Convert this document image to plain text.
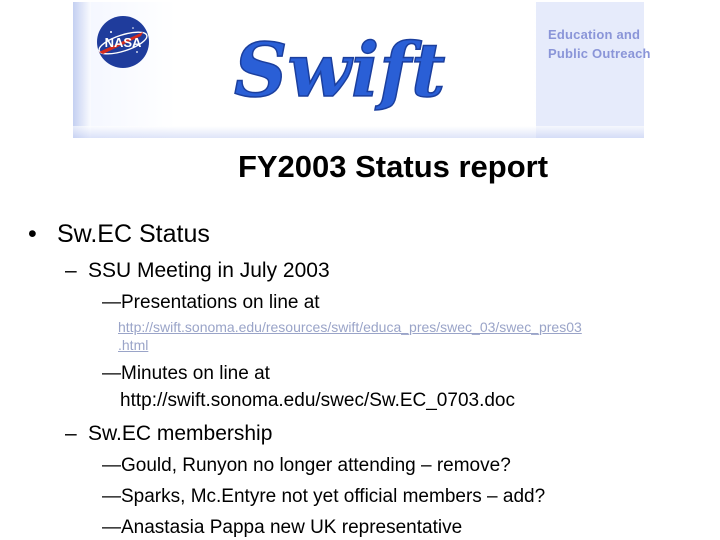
NASA Swift	Education and
Public Outreach
FY2003 Status report
• Sw.EC Status
– SSU Meeting in July 2003
—Presentations on line at
http://swift.sonoma.edu/resources/swift/educa_pres/swec_03/swec_pres03
.html
—Minutes on line at
http://swift.sonoma.edu/swec/Sw.EC_0703.doc
– Sw.EC membership
—Gould, Runyon no longer attending – remove?
—Sparks, Mc.Entyre not yet official members – add?
—Anastasia Pappa new UK representative
